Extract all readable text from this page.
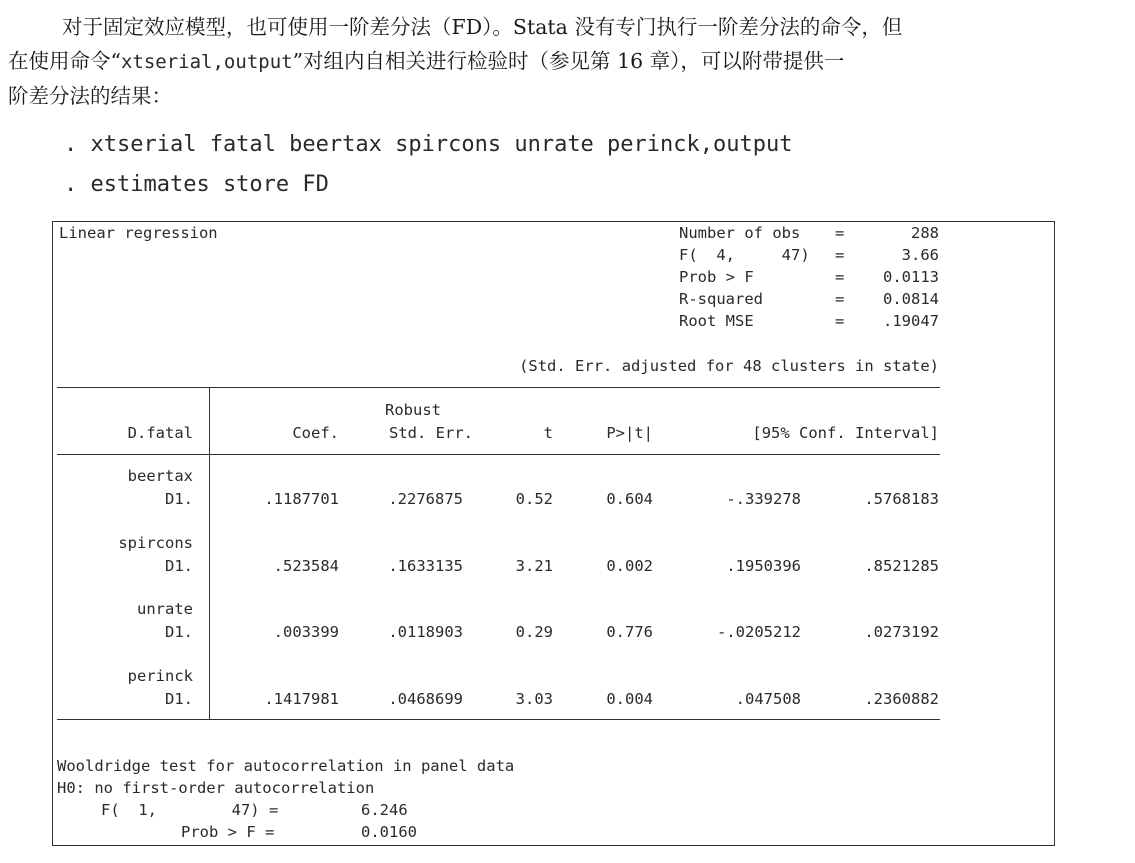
对于固定效应模型，也可使用一阶差分法（FD）。Stata 没有专门执行一阶差分法的命令，但
在使用命令“xtserial,output”对组内自相关进行检验时（参见第 16 章），可以附带提供一
阶差分法的结果：
. xtserial fatal beertax spircons unrate perinck,output
. estimates store FD
Linear regression	Number of obs =	288
F(  4,     47) =	3.66
Prob > F	=	0.0113
R-squared	=	0.0814
Root MSE	=	.19047
(Std. Err. adjusted for 48 clusters in state)
Robust
D.fatal	Coef.	Std. Err.	t	P>|t|	[95% Conf. Interval]
beertax
D1.	.1187701	.2276875	0.52	0.604	-.339278	.5768183
spircons
D1.	.523584	.1633135	3.21	0.002	.1950396	.8521285
unrate
D1.	.003399	.0118903	0.29	0.776	-.0205212	.0273192
perinck
D1.	.1417981	.0468699	3.03	0.004	.047508	.2360882
Wooldridge test for autocorrelation in panel data
H0: no first-order autocorrelation
F(  1,        47) =	6.246
Prob > F =	0.0160
